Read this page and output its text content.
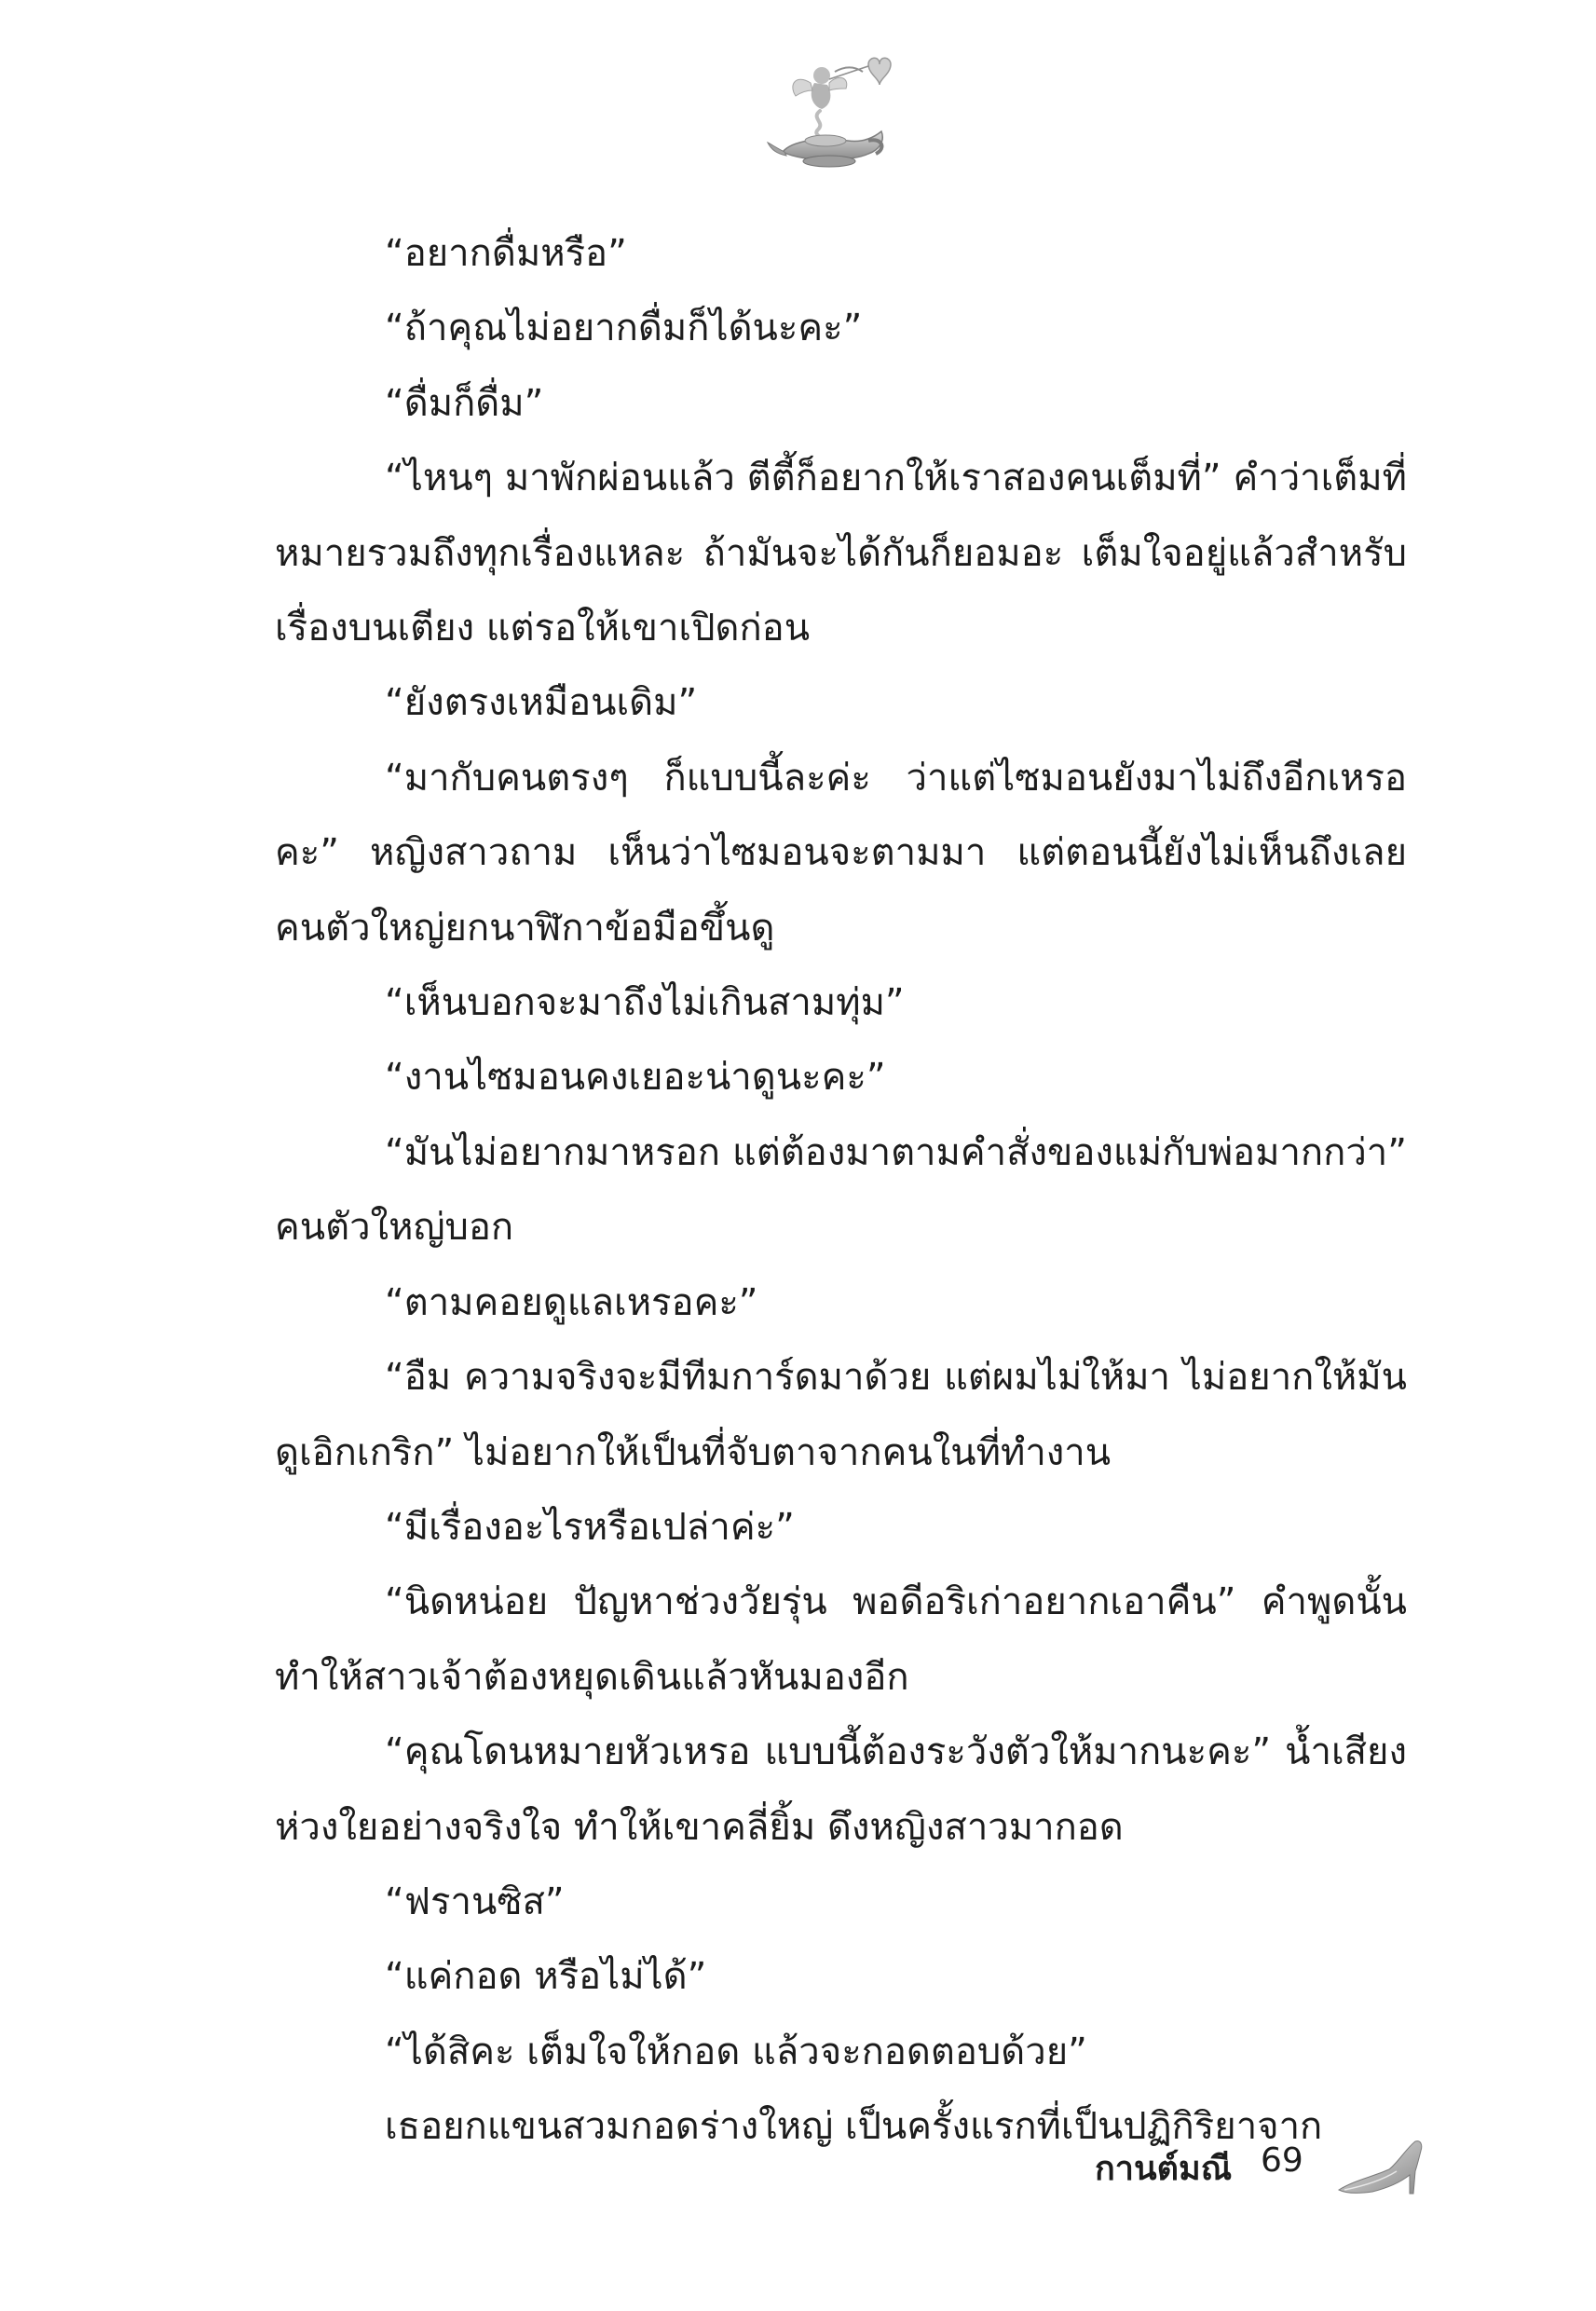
“อยากดื่มหรือ”

“ถ้าคุณไม่อยากดื่มก็ได้นะคะ”

“ดื่มก็ดื่ม”

“ไหนๆ มาพักผ่อนแล้ว ตีตี้ก็อยากให้เราสองคนเต็มที่” คำว่าเต็มที่หมายรวมถึงทุกเรื่องแหละ ถ้ามันจะได้กันก็ยอมอะ เต็มใจอยู่แล้วสำหรับเรื่องบนเตียง แต่รอให้เขาเปิดก่อน

“ยังตรงเหมือนเดิม”

“มากับคนตรงๆ ก็แบบนี้ละค่ะ ว่าแต่ไซมอนยังมาไม่ถึงอีกเหรอคะ” หญิงสาวถาม เห็นว่าไซมอนจะตามมา แต่ตอนนี้ยังไม่เห็นถึงเลย คนตัวใหญ่ยกนาฬิกาข้อมือขึ้นดู

“เห็นบอกจะมาถึงไม่เกินสามทุ่ม”

“งานไซมอนคงเยอะน่าดูนะคะ”

“มันไม่อยากมาหรอก แต่ต้องมาตามคำสั่งของแม่กับพ่อมากกว่า” คนตัวใหญ่บอก

“ตามคอยดูแลเหรอคะ”

“อืม ความจริงจะมีทีมการ์ดมาด้วย แต่ผมไม่ให้มา ไม่อยากให้มันดูเอิกเกริก” ไม่อยากให้เป็นที่จับตาจากคนในที่ทำงาน

“มีเรื่องอะไรหรือเปล่าค่ะ”

“นิดหน่อย ปัญหาช่วงวัยรุ่น พอดีอริเก่าอยากเอาคืน” คำพูดนั้นทำให้สาวเจ้าต้องหยุดเดินแล้วหันมองอีก

“คุณโดนหมายหัวเหรอ แบบนี้ต้องระวังตัวให้มากนะคะ” น้ำเสียงห่วงใยอย่างจริงใจ ทำให้เขาคลี่ยิ้ม ดึงหญิงสาวมากอด

“ฟรานซิส”

“แค่กอด หรือไม่ได้”

“ได้สิคะ เต็มใจให้กอด แล้วจะกอดตอบด้วย”

เธอยกแขนสวมกอดร่างใหญ่ เป็นครั้งแรกที่เป็นปฏิกิริยาจาก

กานต์มณี 69
